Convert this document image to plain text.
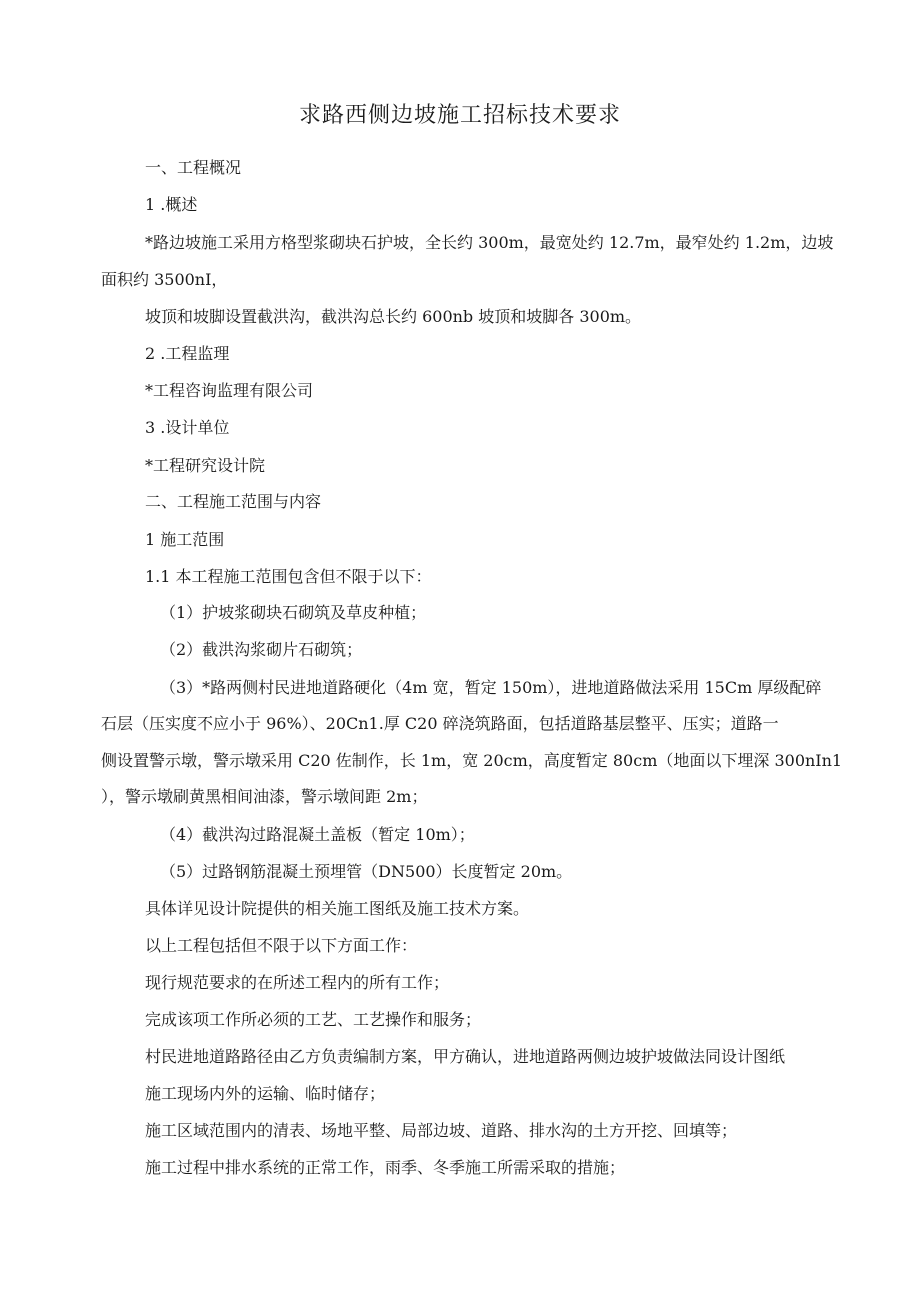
求路西侧边坡施工招标技术要求

一、工程概况

1 .概述

*路边坡施工采用方格型浆砌块石护坡，全长约 300m，最宽处约 12.7m，最窄处约 1.2m，边坡

面积约 3500nI，

坡顶和坡脚设置截洪沟，截洪沟总长约 600nb 坡顶和坡脚各 300m。

2 .工程监理

*工程咨询监理有限公司

3 .设计单位

*工程研究设计院

二、工程施工范围与内容

1 施工范围

1.1 本工程施工范围包含但不限于以下：

（1）护坡浆砌块石砌筑及草皮种植；

（2）截洪沟浆砌片石砌筑；

（3）*路两侧村民进地道路硬化（4m 宽，暂定 150m），进地道路做法采用 15Cm 厚级配碎

石层（压实度不应小于 96%）、20Cn1.厚 C20 碎浇筑路面，包括道路基层整平、压实；道路一

侧设置警示墩，警示墩采用 C20 佐制作，长 1m，宽 20cm，高度暂定 80cm（地面以下埋深 300nIn1

），警示墩刷黄黑相间油漆，警示墩间距 2m；

（4）截洪沟过路混凝土盖板（暂定 10m）；

（5）过路钢筋混凝土预埋管（DN500）长度暂定 20m。

具体详见设计院提供的相关施工图纸及施工技术方案。

以上工程包括但不限于以下方面工作：

现行规范要求的在所述工程内的所有工作；

完成该项工作所必须的工艺、工艺操作和服务；

村民进地道路路径由乙方负责编制方案，甲方确认，进地道路两侧边坡护坡做法同设计图纸

施工现场内外的运输、临时储存；

施工区域范围内的清表、场地平整、局部边坡、道路、排水沟的土方开挖、回填等；

施工过程中排水系统的正常工作，雨季、冬季施工所需采取的措施；
